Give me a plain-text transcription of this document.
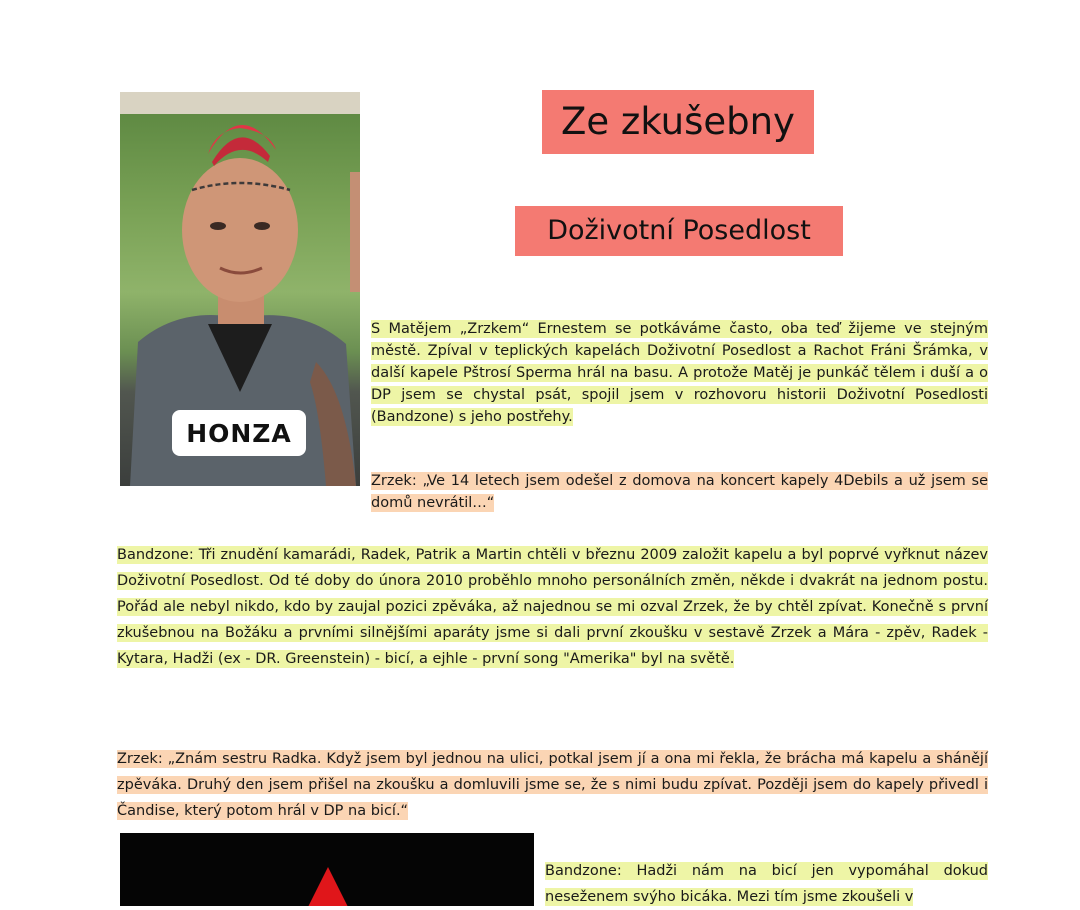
HONZA
Ze zkušebny
Doživotní Posedlost

S Matějem „Zrzkem“ Ernestem se potkáváme často, oba teď žijeme ve stejným městě. Zpíval v teplických kapelách Doživotní Posedlost a Rachot Fráni Šrámka, v další kapele Pštrosí Sperma hrál na basu. A protože Matěj je punkáč tělem i duší a o DP jsem se chystal psát, spojil jsem v rozhovoru historii Doživotní Posedlosti (Bandzone) s jeho postřehy.

Zrzek: „Ve 14 letech jsem odešel z domova na koncert kapely 4Debils a už jsem se domů nevrátil…“

Bandzone: Tři znudění kamarádi, Radek, Patrik a Martin chtěli v březnu 2009 založit kapelu a byl poprvé vyřknut název Doživotní Posedlost. Od té doby do února 2010 proběhlo mnoho personálních změn, někde i dvakrát na jednom postu. Pořád ale nebyl nikdo, kdo by zaujal pozici zpěváka, až najednou se mi ozval Zrzek, že by chtěl zpívat. Konečně s první zkušebnou na Božáku a prvními silnějšími aparáty jsme si dali první zkoušku v sestavě Zrzek a Mára - zpěv, Radek - Kytara, Hadži (ex - DR. Greenstein) - bicí, a ejhle - první song "Amerika" byl na světě.

Zrzek: „Znám sestru Radka. Když jsem byl jednou na ulici, potkal jsem jí a ona mi řekla, že brácha má kapelu a shánějí zpěváka. Druhý den jsem přišel na zkoušku a domluvili jsme se, že s nimi budu zpívat. Později jsem do kapely přivedl i Čandise, který potom hrál v DP na bicí.“

Bandzone: Hadži nám na bicí jen vypomáhal dokud neseženem svýho bicáka. Mezi tím jsme zkoušeli v
